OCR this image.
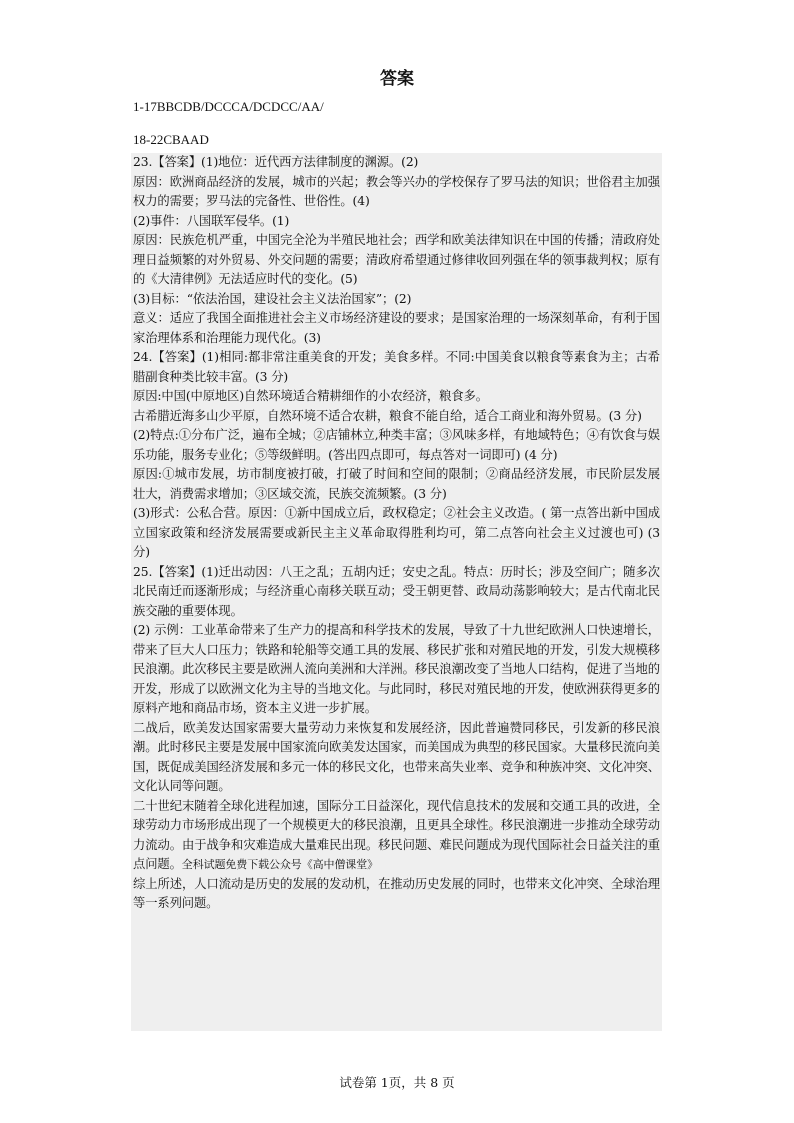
答案
1-17BBCDB/DCCCA/DCDCC/AA/
18-22CBAAD

23.【答案】(1)地位：近代西方法律制度的渊源。(2)

原因：欧洲商品经济的发展，城市的兴起；教会等兴办的学校保存了罗马法的知识；世俗君主加强权力的需要；罗马法的完备性、世俗性。(4)

(2)事件：八国联军侵华。(1)

原因：民族危机严重，中国完全沦为半殖民地社会；西学和欧美法律知识在中国的传播；清政府处理日益频繁的对外贸易、外交问题的需要；清政府希望通过修律收回列强在华的领事裁判权；原有的《大清律例》无法适应时代的变化。(5)

(3)目标：“依法治国，建设社会主义法治国家”；(2)

意义：适应了我国全面推进社会主义市场经济建设的要求；是国家治理的一场深刻革命，有利于国家治理体系和治理能力现代化。(3)

24.【答案】(1)相同:都非常注重美食的开发；美食多样。不同:中国美食以粮食等素食为主；古希腊副食种类比较丰富。(3 分)

原因:中国(中原地区)自然环境适合精耕细作的小农经济，粮食多。

古希腊近海多山少平原，自然环境不适合农耕，粮食不能自给，适合工商业和海外贸易。(3 分)

(2)特点:①分布广泛，遍布全城；②店铺林立,种类丰富；③风味多样，有地域特色；④有饮食与娱乐功能，服务专业化；⑤等级鲜明。(答出四点即可，每点答对一词即可) (4 分)

原因:①城市发展，坊市制度被打破，打破了时间和空间的限制；②商品经济发展，市民阶层发展壮大，消费需求增加；③区域交流，民族交流频繁。(3 分)

(3)形式：公私合营。原因：①新中国成立后，政权稳定；②社会主义改造。( 第一点答出新中国成立国家政策和经济发展需要或新民主主义革命取得胜利均可，第二点答向社会主义过渡也可) (3 分)

25.【答案】(1)迁出动因：八王之乱；五胡内迁；安史之乱。特点：历时长；涉及空间广；随多次北民南迁而逐渐形成；与经济重心南移关联互动；受王朝更替、政局动荡影响较大；是古代南北民族交融的重要体现。

(2) 示例：工业革命带来了生产力的提高和科学技术的发展，导致了十九世纪欧洲人口快速增长，带来了巨大人口压力；铁路和轮船等交通工具的发展、移民扩张和对殖民地的开发，引发大规模移民浪潮。此次移民主要是欧洲人流向美洲和大洋洲。移民浪潮改变了当地人口结构，促进了当地的开发，形成了以欧洲文化为主导的当地文化。与此同时，移民对殖民地的开发，使欧洲获得更多的原料产地和商品市场，资本主义进一步扩展。

二战后，欧美发达国家需要大量劳动力来恢复和发展经济，因此普遍赞同移民，引发新的移民浪潮。此时移民主要是发展中国家流向欧美发达国家，而美国成为典型的移民国家。大量移民流向美国，既促成美国经济发展和多元一体的移民文化，也带来高失业率、竞争和种族冲突、文化冲突、文化认同等问题。

二十世纪末随着全球化进程加速，国际分工日益深化，现代信息技术的发展和交通工具的改进，全球劳动力市场形成出现了一个规模更大的移民浪潮，且更具全球性。移民浪潮进一步推动全球劳动力流动。由于战争和灾难造成大量难民出现。移民问题、难民问题成为现代国际社会日益关注的重点问题。全科试题免费下载公众号《高中僧课堂》

综上所述，人口流动是历史的发展的发动机，在推动历史发展的同时，也带来文化冲突、全球治理等一系列问题。

试卷第 1页，共 8 页
